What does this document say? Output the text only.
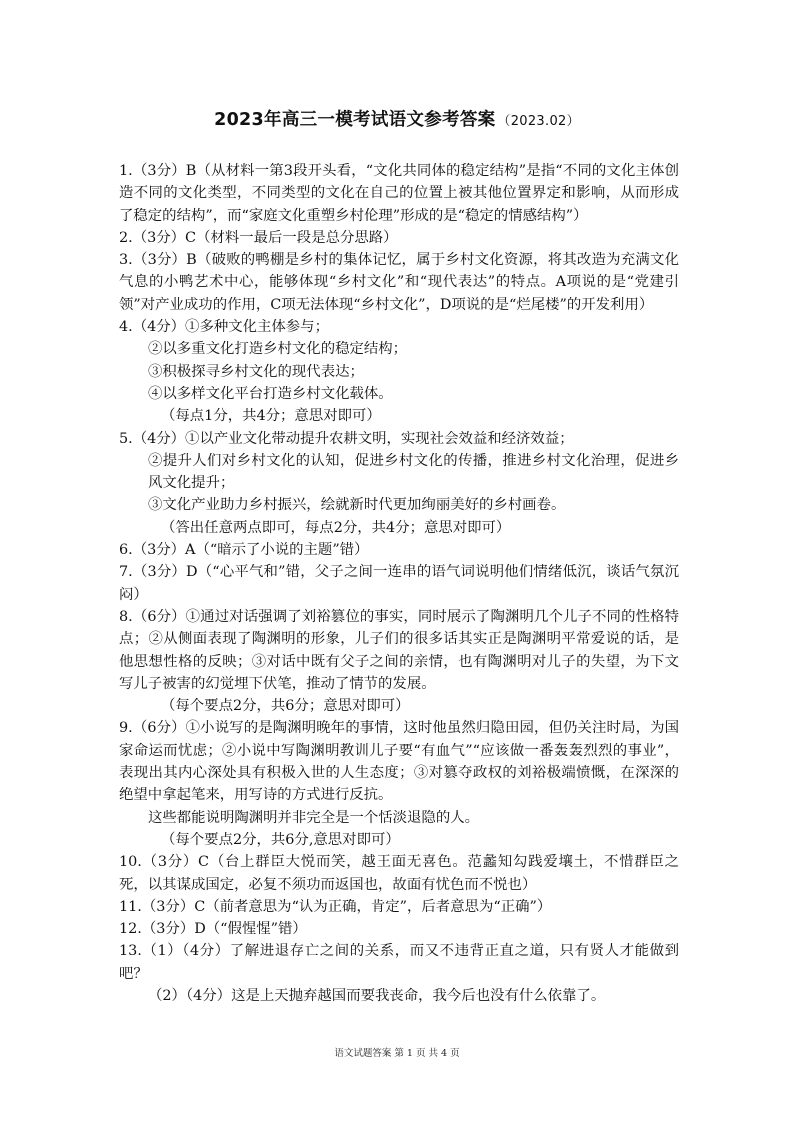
2023年高三一模考试语文参考答案 （2023.02）

1.（3分）B（从材料一第3段开头看，“文化共同体的稳定结构”是指“不同的文化主体创造不同的文化类型，不同类型的文化在自己的位置上被其他位置界定和影响，从而形成了稳定的结构”，而“家庭文化重塑乡村伦理”形成的是“稳定的情感结构”）

2.（3分）C（材料一最后一段是总分思路）

3.（3分）B（破败的鸭棚是乡村的集体记忆，属于乡村文化资源，将其改造为充满文化气息的小鸭艺术中心，能够体现“乡村文化”和“现代表达”的特点。A项说的是“党建引领”对产业成功的作用，C项无法体现“乡村文化”，D项说的是“烂尾楼”的开发利用）

4.（4分）①多种文化主体参与；

②以多重文化打造乡村文化的稳定结构；

③积极探寻乡村文化的现代表达；

④以多样文化平台打造乡村文化载体。

（每点1分，共4分；意思对即可）

5.（4分）①以产业文化带动提升农耕文明，实现社会效益和经济效益；

②提升人们对乡村文化的认知，促进乡村文化的传播，推进乡村文化治理，促进乡风文化提升；

③文化产业助力乡村振兴，绘就新时代更加绚丽美好的乡村画卷。

（答出任意两点即可，每点2分，共4分；意思对即可）

6.（3分）A（“暗示了小说的主题”错）

7.（3分）D（“心平气和”错，父子之间一连串的语气词说明他们情绪低沉，谈话气氛沉闷）

8.（6分）①通过对话强调了刘裕篡位的事实，同时展示了陶渊明几个儿子不同的性格特点；②从侧面表现了陶渊明的形象，儿子们的很多话其实正是陶渊明平常爱说的话，是他思想性格的反映；③对话中既有父子之间的亲情，也有陶渊明对儿子的失望，为下文写儿子被害的幻觉埋下伏笔，推动了情节的发展。

（每个要点2分，共6分；意思对即可）

9.（6分）①小说写的是陶渊明晚年的事情，这时他虽然归隐田园，但仍关注时局，为国家命运而忧虑；②小说中写陶渊明教训儿子要“有血气”“应该做一番轰轰烈烈的事业”，表现出其内心深处具有积极入世的人生态度；③对篡夺政权的刘裕极端愤慨，在深深的绝望中拿起笔来，用写诗的方式进行反抗。

这些都能说明陶渊明并非完全是一个恬淡退隐的人。

（每个要点2分，共6分,意思对即可）

10.（3分）C（台上群臣大悦而笑，越王面无喜色。范蠡知勾践爱壤土，不惜群臣之死，以其谋成国定，必复不须功而返国也，故面有忧色而不悦也）

11.（3分）C（前者意思为“认为正确，肯定”，后者意思为“正确”）

12.（3分）D（“假惺惺”错）

13.（1）（4分）了解进退存亡之间的关系，而又不违背正直之道，只有贤人才能做到吧？

（2）（4分）这是上天抛弃越国而要我丧命，我今后也没有什么依靠了。

语文试题答案 第 1 页 共 4 页
